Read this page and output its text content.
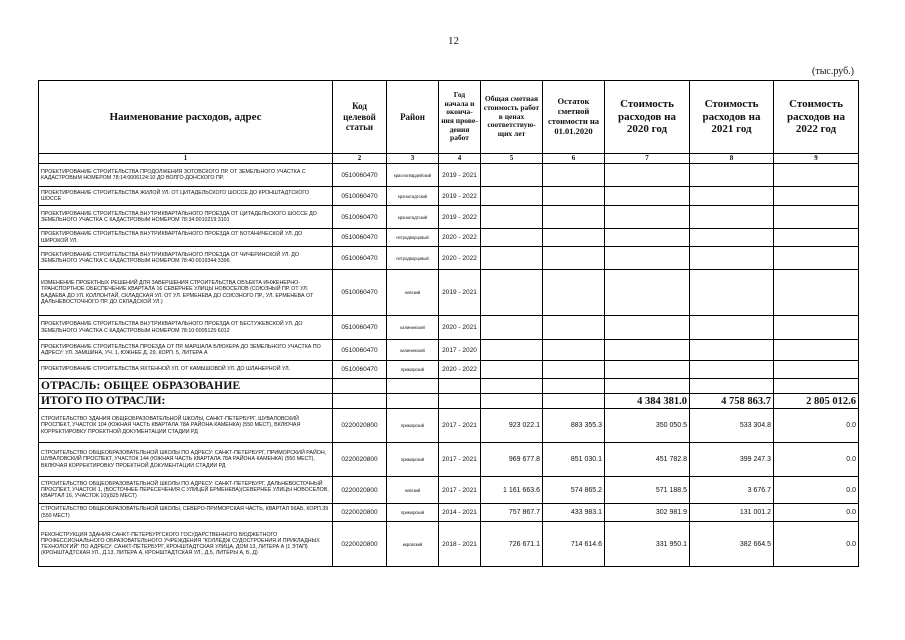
12
(тыс.руб.)
Наименование расходов, адрес	Код целевой статьи	Район	Год начала и оконча-ния прове-дения работ	Общая сметная стоимость работ в ценах соответствую-щих лет	Остаток сметной стоимости на 01.01.2020	Стоимость расходов на 2020 год	Стоимость расходов на 2021 год	Стоимость расходов на 2022 год
1	2	3	4	5	6	7	8	9
ПРОЕКТИРОВАНИЕ СТРОИТЕЛЬСТВА ПРОДОЛЖЕНИЯ ЗОТОВСКОГО ПР. ОТ ЗЕМЕЛЬНОГО УЧАСТКА С КАДАСТРОВЫМ НОМЕРОМ 78:14:0006124:10 ДО ВОЛГО-ДОНСКОГО ПР.	0510060470	красногвардейский	2019 - 2021					
ПРОЕКТИРОВАНИЕ СТРОИТЕЛЬСТВА ЖИЛОЙ УЛ. ОТ ЦИТАДЕЛЬСКОГО ШОССЕ ДО КРОНШТАДТСКОГО ШОССЕ	0510060470	кронштадтский	2019 - 2022					
ПРОЕКТИРОВАНИЕ СТРОИТЕЛЬСТВА ВНУТРИКВАРТАЛЬНОГО ПРОЕЗДА ОТ ЦИТАДЕЛЬСКОГО ШОССЕ ДО ЗЕМЕЛЬНОГО УЧАСТКА С КАДАСТРОВЫМ НОМЕРОМ 78:34:0010219:3101	0510060470	кронштадтский	2019 - 2022					
ПРОЕКТИРОВАНИЕ СТРОИТЕЛЬСТВА ВНУТРИКВАРТАЛЬНОГО ПРОЕЗДА ОТ БОТАНИЧЕСКОЙ УЛ. ДО ШИРОКОЙ УЛ.	0510060470	петродворцовый	2020 - 2022					
ПРОЕКТИРОВАНИЕ СТРОИТЕЛЬСТВА ВНУТРИКВАРТАЛЬНОГО ПРОЕЗДА ОТ ЧИЧЕРИНСКОЙ УЛ. ДО ЗЕМЕЛЬНОГО УЧАСТКА С КАДАСТРОВЫМ НОМЕРОМ 78:40:0019344:3396	0510060470	петродворцовый	2020 - 2022					
ИЗМЕНЕНИЕ ПРОЕКТНЫХ РЕШЕНИЙ ДЛЯ ЗАВЕРШЕНИЯ СТРОИТЕЛЬСТВА ОБЪЕКТА ИНЖЕНЕРНО-ТРАНСПОРТНОЕ ОБЕСПЕЧЕНИЕ КВАРТАЛА 16 СЕВЕРНЕЕ УЛИЦЫ НОВОСЕЛОВ (СОЮЗНЫЙ ПР. ОТ УЛ. БАДАЕВА ДО УЛ. КОЛЛОНТАЙ, СКЛАДСКАЯ УЛ. ОТ УЛ. ЕРМЕНЕВА ДО СОЮЗНОГО ПР., УЛ. ЕРМЕНЕВА ОТ ДАЛЬНЕВОСТОЧНОГО ПР. ДО СКЛАДСКОЙ УЛ.)	0510060470	невский	2019 - 2021					
ПРОЕКТИРОВАНИЕ СТРОИТЕЛЬСТВА ВНУТРИКВАРТАЛЬНОГО ПРОЕЗДА ОТ БЕСТУЖЕВСКОЙ УЛ. ДО ЗЕМЕЛЬНОГО УЧАСТКА С КАДАСТРОВЫМ НОМЕРОМ 78:10:0005125:6012	0510060470	калининский	2020 - 2021					
ПРОЕКТИРОВАНИЕ СТРОИТЕЛЬСТВА ПРОЕЗДА ОТ ПР. МАРШАЛА БЛЮХЕРА ДО ЗЕМЕЛЬНОГО УЧАСТКА ПО АДРЕСУ: УЛ. ЗАМШИНА, УЧ. 1, ЮЖНЕЕ Д. 29, КОРП. 5, ЛИТЕРА А	0510060470	калининский	2017 - 2020					
ПРОЕКТИРОВАНИЕ СТРОИТЕЛЬСТВА ЯХТЕННОЙ УЛ. ОТ КАМЫШОВОЙ УЛ. ДО ШЛАНЕРНОЙ УЛ.	0510060470	приморский	2020 - 2022					
ОТРАСЛЬ: ОБЩЕЕ ОБРАЗОВАНИЕ								
ИТОГО ПО ОТРАСЛИ:						4 384 381.0	4 758 863.7	2 805 012.6
СТРОИТЕЛЬСТВО ЗДАНИЯ ОБЩЕОБРАЗОВАТЕЛЬНОЙ ШКОЛЫ, САНКТ-ПЕТЕРБУРГ, ШУВАЛОВСКИЙ ПРОСПЕКТ, УЧАСТОК 104 (ЮЖНАЯ ЧАСТЬ КВАРТАЛА 78А РАЙОНА КАМЕНКА) (550 МЕСТ), ВКЛЮЧАЯ КОРРЕКТИРОВКУ ПРОЕКТНОЙ ДОКУМЕНТАЦИИ СТАДИИ РД	0220020800	приморский	2017 - 2021	923 022.1	883 355.3	350 050.5	533 304.8	0.0
СТРОИТЕЛЬСТВО ОБЩЕОБРАЗОВАТЕЛЬНОЙ ШКОЛЫ ПО АДРЕСУ: САНКТ-ПЕТЕРБУРГ, ПРИМОРСКИЙ РАЙОН, ШУВАЛОВСКИЙ ПРОСПЕКТ, УЧАСТОК 144 (ЮЖНАЯ ЧАСТЬ КВАРТАЛА 78А РАЙОНА КАМЕНКА) (550 МЕСТ), ВКЛЮЧАЯ КОРРЕКТИРОВКУ ПРОЕКТНОЙ ДОКУМЕНТАЦИИ СТАДИИ РД	0220020800	приморский	2017 - 2021	969 677.8	851 030.1	451 782.8	399 247.3	0.0
СТРОИТЕЛЬСТВО ОБЩЕОБРАЗОВАТЕЛЬНОЙ ШКОЛЫ ПО АДРЕСУ: САНКТ-ПЕТЕРБУРГ, ДАЛЬНЕВОСТОЧНЫЙ ПРОСПЕКТ, УЧАСТОК 1, (ВОСТОЧНЕЕ ПЕРЕСЕЧЕНИЯ С УЛИЦЕЙ ЕРМЕНЕВА)(СЕВЕРНЕЕ УЛИЦЫ НОВОСЕЛОВ, КВАРТАЛ 16, УЧАСТОК 10)(825 МЕСТ)	0220020800	невский	2017 - 2021	1 161 663.6	574 865.2	571 188.5	3 676.7	0.0
СТРОИТЕЛЬСТВО ОБЩЕОБРАЗОВАТЕЛЬНОЙ ШКОЛЫ, СЕВЕРО-ПРИМОРСКАЯ ЧАСТЬ, КВАРТАЛ 56АБ, КОРП.39 (550 МЕСТ)	0220020800	приморский	2014 - 2021	757 867.7	433 983.1	302 981.9	131 001.2	0.0
РЕКОНСТРУКЦИЯ ЗДАНИЯ САНКТ-ПЕТЕРБУРГСКОГО ГОСУДАРСТВЕННОГО БЮДЖЕТНОГО ПРОФЕССИОНАЛЬНОГО ОБРАЗОВАТЕЛЬНОГО УЧРЕЖДЕНИЯ "КОЛЛЕДЖ СУДОСТРОЕНИЯ И ПРИКЛАДНЫХ ТЕХНОЛОГИЙ" ПО АДРЕСУ: САНКТ-ПЕТЕРБУРГ, КРОНШТАДТСКАЯ УЛИЦА, ДОМ 13, ЛИТЕРА А (1 ЭТАП) (КРОНШТАДТСКАЯ УЛ., Д.13, ЛИТЕРА А, КРОНШТАДТСКАЯ УЛ., Д.5, ЛИТЕРЫ А, Б, Д)	0220020800	кировский	2018 - 2021	726 671.1	714 614.6	331 950.1	382 664.5	0.0
